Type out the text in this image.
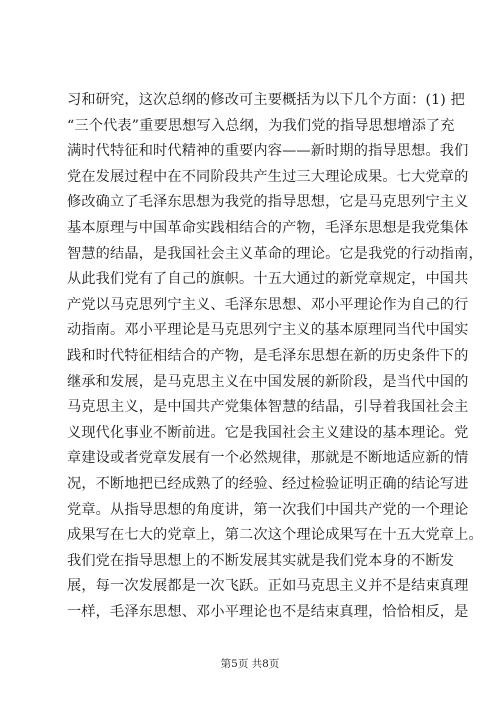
习和研究，这次总纲的修改可主要概括为以下几个方面：(1) 把
“三个代表”重要思想写入总纲，为我们党的指导思想增添了充
满时代特征和时代精神的重要内容——新时期的指导思想。我们
党在发展过程中在不同阶段共产生过三大理论成果。七大党章的
修改确立了毛泽东思想为我党的指导思想，它是马克思列宁主义
基本原理与中国革命实践相结合的产物，毛泽东思想是我党集体
智慧的结晶，是我国社会主义革命的理论。它是我党的行动指南，
从此我们党有了自己的旗帜。十五大通过的新党章规定，中国共
产党以马克思列宁主义、毛泽东思想、邓小平理论作为自己的行
动指南。邓小平理论是马克思列宁主义的基本原理同当代中国实
践和时代特征相结合的产物，是毛泽东思想在新的历史条件下的
继承和发展，是马克思主义在中国发展的新阶段，是当代中国的
马克思主义，是中国共产党集体智慧的结晶，引导着我国社会主
义现代化事业不断前进。它是我国社会主义建设的基本理论。党
章建设或者党章发展有一个必然规律，那就是不断地适应新的情
况，不断地把已经成熟了的经验、经过检验证明正确的结论写进
党章。从指导思想的角度讲，第一次我们中国共产党的一个理论
成果写在七大的党章上，第二次这个理论成果写在十五大党章上。
我们党在指导思想上的不断发展其实就是我们党本身的不断发
展，每一次发展都是一次飞跃。正如马克思主义并不是结束真理
一样，毛泽东思想、邓小平理论也不是结束真理，恰恰相反，是
第5页 共8页
